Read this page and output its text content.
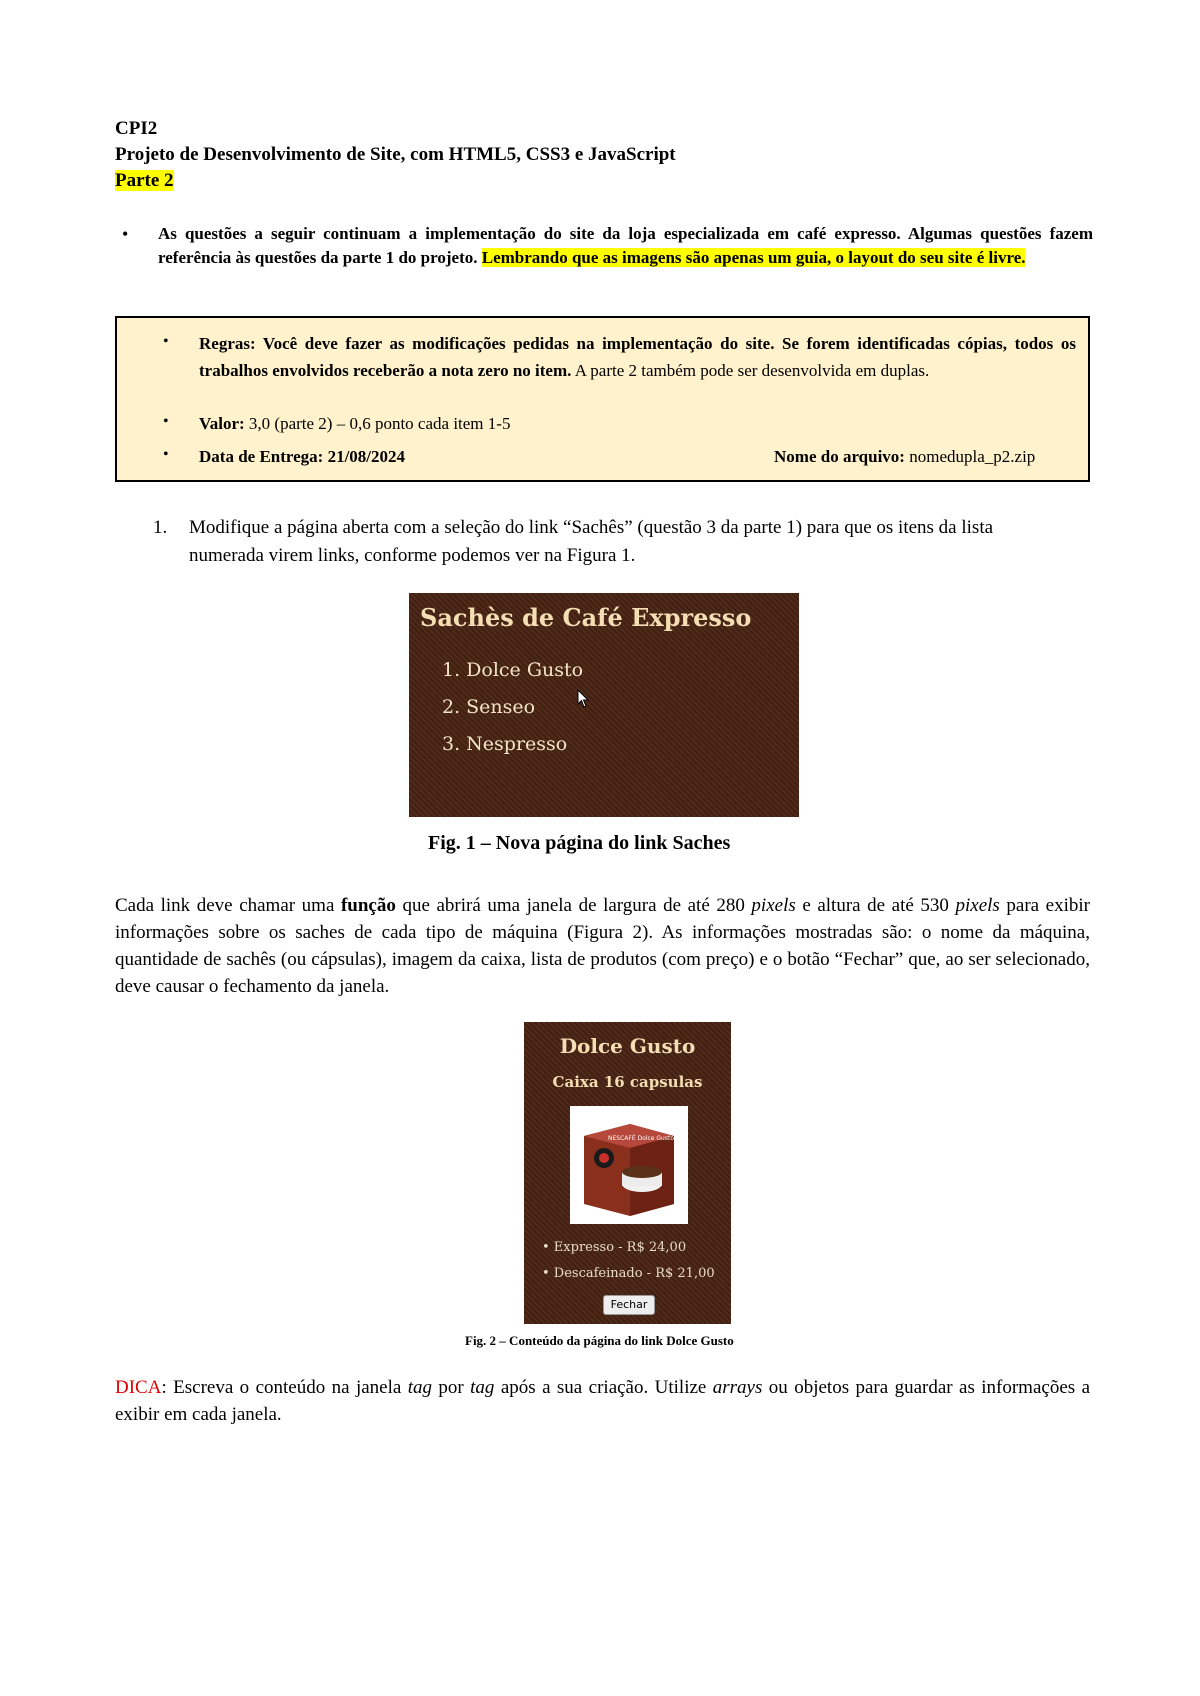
CPI2

Projeto de Desenvolvimento de Site, com HTML5, CSS3 e JavaScript

Parte 2

• As questões a seguir continuam a implementação do site da loja especializada em café expresso. Algumas questões fazem referência às questões da parte 1 do projeto. Lembrando que as imagens são apenas um guia, o layout do seu site é livre.
• Regras: Você deve fazer as modificações pedidas na implementação do site. Se forem identificadas cópias, todos os trabalhos envolvidos receberão a nota zero no item. A parte 2 também pode ser desenvolvida em duplas.
• Valor: 3,0 (parte 2) – 0,6 ponto cada item 1-5
• Data de Entrega: 21/08/2024	Nome do arquivo: nomedupla_p2.zip
1. Modifique a página aberta com a seleção do link “Sachês” (questão 3 da parte 1) para que os itens da lista numerada virem links, conforme podemos ver na Figura 1.
Sachès de Café Expresso
1. Dolce Gusto
2. Senseo
3. Nespresso
Fig. 1 – Nova página do link Saches
Cada link deve chamar uma função que abrirá uma janela de largura de até 280 pixels e altura de até 530 pixels para exibir informações sobre os saches de cada tipo de máquina (Figura 2). As informações mostradas são: o nome da máquina, quantidade de sachês (ou cápsulas), imagem da caixa, lista de produtos (com preço) e o botão “Fechar” que, ao ser selecionado, deve causar o fechamento da janela.
Dolce Gusto
Caixa 16 capsulas
NESCAFÉ Dolce Gusto
• Expresso - R$ 24,00
• Descafeinado - R$ 21,00
Fechar
Fig. 2 – Conteúdo da página do link Dolce Gusto
DICA: Escreva o conteúdo na janela tag por tag após a sua criação. Utilize arrays ou objetos para guardar as informações a exibir em cada janela.
